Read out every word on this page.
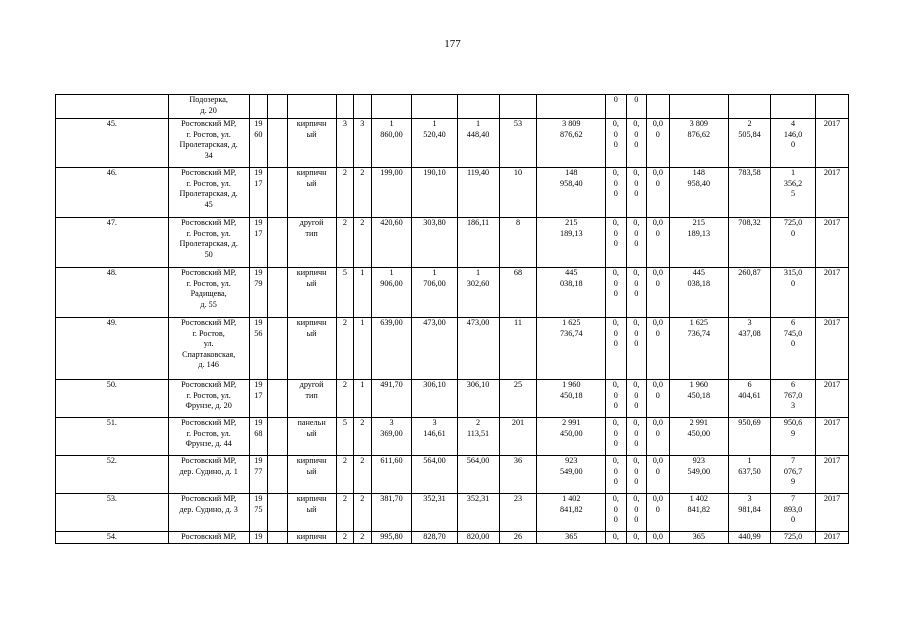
177
	Подозерка,
д. 20											0	0					
45.	Ростовский МР,
г. Ростов, ул.
Пролетарская, д.
34	19
60		кирпичн
ый	3	3	1
860,00	1
520,40	1
448,40	53	3 809
876,62	0,
0
0	0,
0
0	0,0
0	3 809
876,62	2
505,84	4
146,0
0	2017
46.	Ростовский МР,
г. Ростов, ул.
Пролетарская, д.
45	19
17		кирпичн
ый	2	2	199,00	190,10	119,40	10	148
958,40	0,
0
0	0,
0
0	0,0
0	148
958,40	783,58	1
356,2
5	2017
47.	Ростовский МР,
г. Ростов, ул.
Пролетарская, д.
50	19
17		другой
тип	2	2	420,60	303,80	186,11	8	215
189,13	0,
0
0	0,
0
0	0,0
0	215
189,13	708,32	725,0
0	2017
48.	Ростовский МР,
г. Ростов, ул.
Радищева,
д. 55	19
79		кирпичн
ый	5	1	1
906,00	1
706,00	1
302,60	68	445
038,18	0,
0
0	0,
0
0	0,0
0	445
038,18	260,87	315,0
0	2017
49.	Ростовский МР,
г. Ростов,
ул.
Спартаковская,
д. 146	19
56		кирпичн
ый	2	1	639,00	473,00	473,00	11	1 625
736,74	0,
0
0	0,
0
0	0,0
0	1 625
736,74	3
437,08	6
745,0
0	2017
50.	Ростовский МР,
г. Ростов, ул.
Фрунзе, д. 20	19
17		другой
тип	2	1	491,70	306,10	306,10	25	1 960
450,18	0,
0
0	0,
0
0	0,0
0	1 960
450,18	6
404,61	6
767,0
3	2017
51.	Ростовский МР,
г. Ростов, ул.
Фрунзе, д. 44	19
68		панельн
ый	5	2	3
369,00	3
146,61	2
113,51	201	2 991
450,00	0,
0
0	0,
0
0	0,0
0	2 991
450,00	950,69	950,6
9	2017
52.	Ростовский МР,
дер. Судино, д. 1	19
77		кирпичн
ый	2	2	611,60	564,00	564,00	36	923
549,00	0,
0
0	0,
0
0	0,0
0	923
549,00	1
637,50	7
076,7
9	2017
53.	Ростовский МР,
дер. Судино, д. 3	19
75		кирпичн
ый	2	2	381,70	352,31	352,31	23	1 402
841,82	0,
0
0	0,
0
0	0,0
0	1 402
841,82	3
981,84	7
893,0
0	2017
54.	Ростовский МР,	19		кирпичн	2	2	995,80	828,70	820,00	26	365	0,	0,	0,0	365	440,99	725,0	2017
